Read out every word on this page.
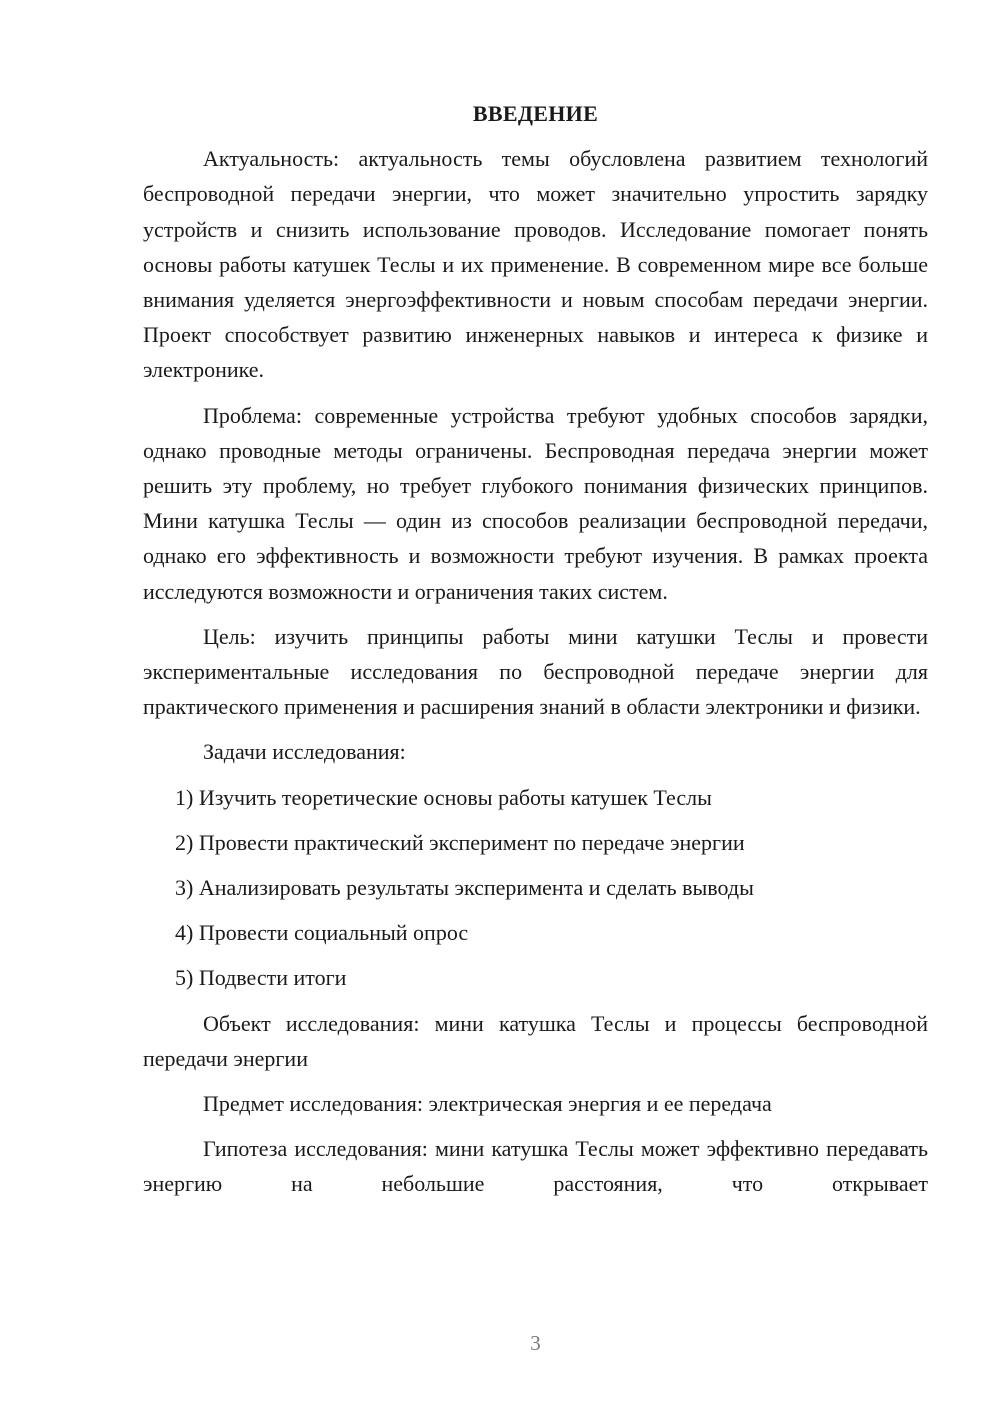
ВВЕДЕНИЕ

Актуальность: актуальность темы обусловлена развитием технологий беспроводной передачи энергии, что может значительно упростить зарядку устройств и снизить использование проводов. Исследование помогает понять основы работы катушек Теслы и их применение. В современном мире все больше внимания уделяется энергоэффективности и новым способам передачи энергии. Проект способствует развитию инженерных навыков и интереса к физике и электронике.

Проблема: современные устройства требуют удобных способов зарядки, однако проводные методы ограничены. Беспроводная передача энергии может решить эту проблему, но требует глубокого понимания физических принципов. Мини катушка Теслы — один из способов реализации беспроводной передачи, однако его эффективность и возможности требуют изучения. В рамках проекта исследуются возможности и ограничения таких систем.

Цель: изучить принципы работы мини катушки Теслы и провести экспериментальные исследования по беспроводной передаче энергии для практического применения и расширения знаний в области электроники и физики.

Задачи исследования:
1) Изучить теоретические основы работы катушек Теслы
2) Провести практический эксперимент по передаче энергии
3) Анализировать результаты эксперимента и сделать выводы
4) Провести социальный опрос
5) Подвести итоги

Объект исследования: мини катушка Теслы и процессы беспроводной передачи энергии

Предмет исследования: электрическая энергия и ее передача

Гипотеза исследования: мини катушка Теслы может эффективно передавать энергию на небольшие расстояния, что открывает

3
